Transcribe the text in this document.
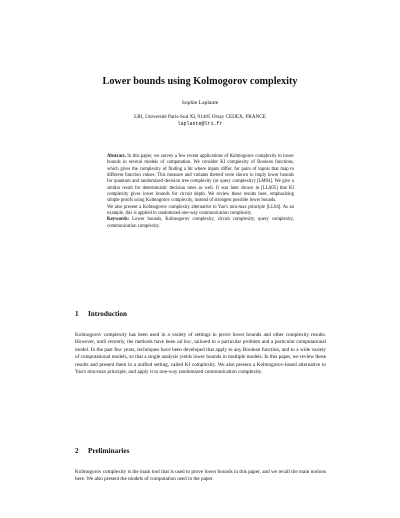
Lower bounds using Kolmogorov complexity
Sophie Laplante
LRI, Université Paris-Sud XI, 91405 Orsay CEDEX, FRANCE
laplante@lri.fr

Abstract. In this paper, we survey a few recent applications of Kolmogorov complexity to lower bounds in several models of computation. We consider KI complexity of Boolean functions, which gives the complexity of finding a bit where inputs differ, for pairs of inputs that map to different function values. This measure and variants thereof were shown to imply lower bounds for quantum and randomized decision tree complexity (or query complexity) [LM04]. We give a similar result for deterministic decision trees as well. It was later shown in [LLS05] that KI complexity gives lower bounds for circuit depth. We review these results here, emphasizing simple proofs using Kolmogorov complexity, instead of strongest possible lower bounds.

We also present a Kolmogorov complexity alternative to Yao's min-max principle [LL04]. As an example, this is applied to randomized one-way communication complexity.

Keywords: Lower bounds, Kolmogorov complexity, circuit complexity, query complexity, communication complexity.

1 Introduction

Kolmogorov complexity has been used in a variety of settings to prove lower bounds and other complexity results. However, until recently, the methods have been ad hoc, tailored to a particular problem and a particular computational model. In the past few years, techniques have been developed that apply to any Boolean function, and to a wide variety of computational models, so that a single analysis yields lower bounds in multiple models. In this paper, we review these results and present them in a unified setting, called KI complexity. We also present a Kolmogorov-based alternative to Yao's min-max principle, and apply it to one-way randomized communication complexity.

2 Preliminaries

Kolmogorov complexity is the main tool that is used to prove lower bounds in this paper, and we recall the main notions here. We also present the models of computation used in the paper.
